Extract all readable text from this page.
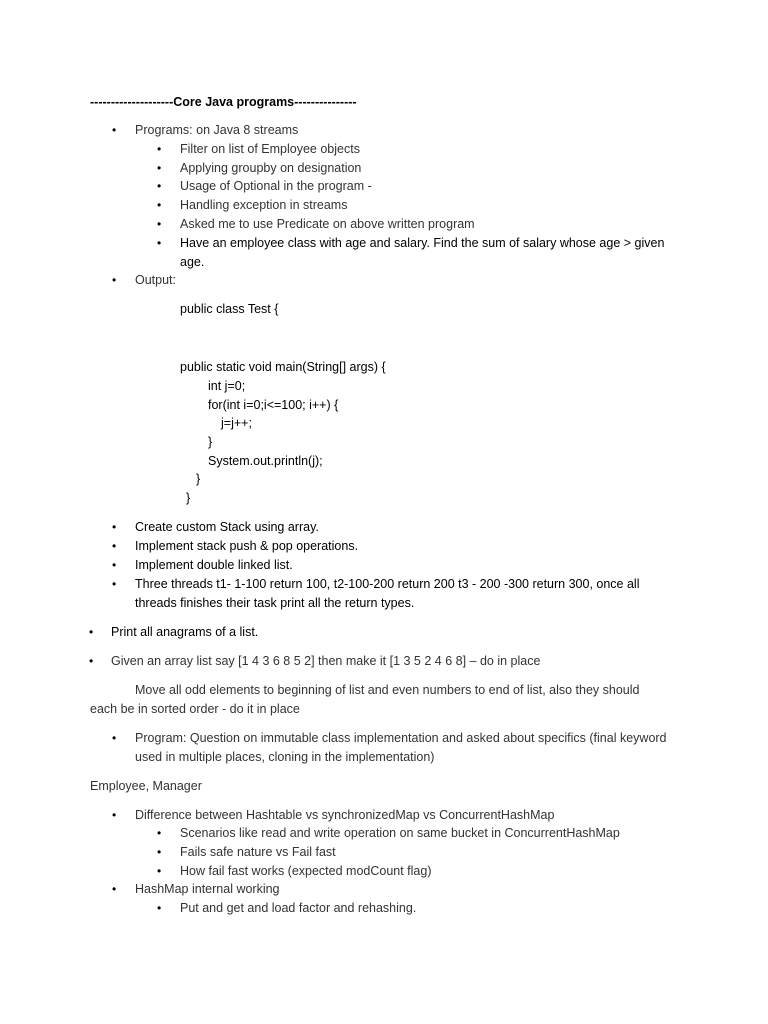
--------------------Core Java programs---------------
• Programs: on Java 8 streams
• Filter on list of Employee objects
• Applying groupby on designation
• Usage of Optional in the program -
• Handling exception in streams
• Asked me to use Predicate on above written program
• Have an employee class with age and salary. Find the sum of salary whose age > given
age.
• Output:
public class Test {
public static void main(String[] args) {
int j=0;
for(int i=0;i<=100; i++) {
j=j++;
}
System.out.println(j);
}
}
• Create custom Stack using array.
• Implement stack push & pop operations.
• Implement double linked list.
• Three threads t1- 1-100 return 100, t2-100-200 return 200 t3 - 200 -300 return 300, once all
threads finishes their task print all the return types.
• Print all anagrams of a list.
• Given an array list say [1 4 3 6 8 5 2] then make it [1 3 5 2 4 6 8] – do in place
Move all odd elements to beginning of list and even numbers to end of list, also they should
each be in sorted order - do it in place
• Program: Question on immutable class implementation and asked about specifics (final keyword
used in multiple places, cloning in the implementation)
Employee, Manager
• Difference between Hashtable vs synchronizedMap vs ConcurrentHashMap
• Scenarios like read and write operation on same bucket in ConcurrentHashMap
• Fails safe nature vs Fail fast
• How fail fast works (expected modCount flag)
• HashMap internal working
• Put and get and load factor and rehashing.
